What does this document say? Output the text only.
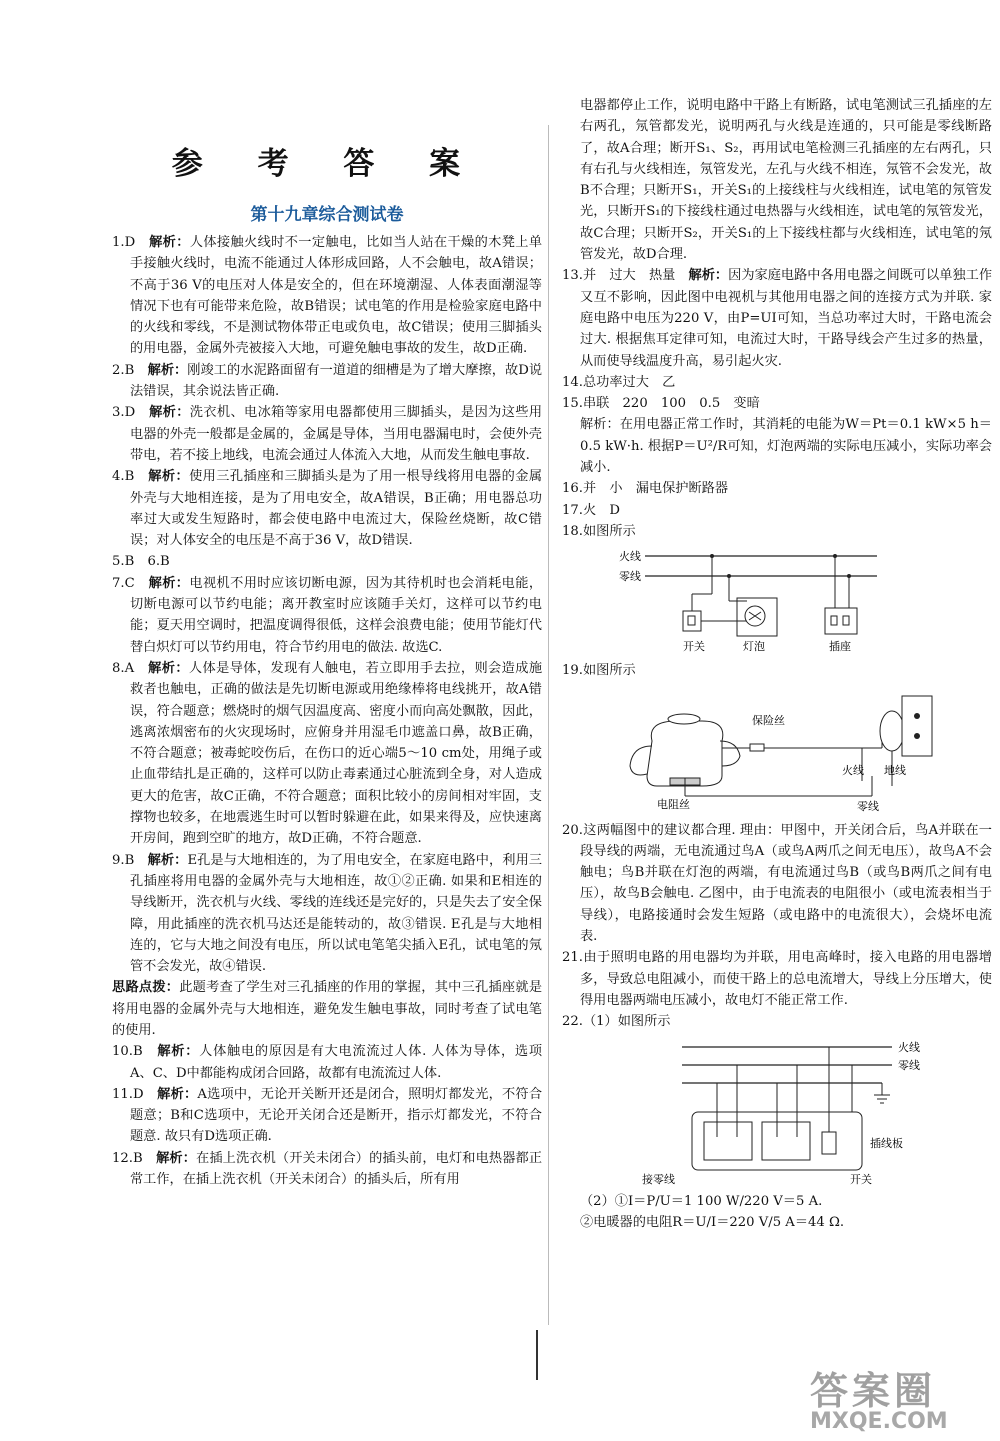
参 考 答 案
第十九章综合测试卷

1.D　 解析：人体接触火线时不一定触电，比如当人站在干燥的木凳上单手接触火线时，电流不能通过人体形成回路，人不会触电，故A错误；不高于36 V的电压对人体是安全的，但在环境潮湿、人体表面潮湿等情况下也有可能带来危险，故B错误；试电笔的作用是检验家庭电路中的火线和零线，不是测试物体带正电或负电，故C错误；使用三脚插头的用电器，金属外壳被接入大地，可避免触电事故的发生，故D正确.

2.B　 解析：刚竣工的水泥路面留有一道道的细槽是为了增大摩擦，故D说法错误，其余说法皆正确.

3.D　 解析：洗衣机、电冰箱等家用电器都使用三脚插头，是因为这些用电器的外壳一般都是金属的，金属是导体，当用电器漏电时，会使外壳带电，若不接上地线，电流会通过人体流入大地，从而发生触电事故.

4.B　 解析：使用三孔插座和三脚插头是为了用一根导线将用电器的金属外壳与大地相连接，是为了用电安全，故A错误，B正确；用电器总功率过大或发生短路时，都会使电路中电流过大，保险丝烧断，故C错误；对人体安全的电压是不高于36 V，故D错误.

5.B　6.B

7.C　 解析：电视机不用时应该切断电源，因为其待机时也会消耗电能，切断电源可以节约电能；离开教室时应该随手关灯，这样可以节约电能；夏天用空调时，把温度调得很低，这样会浪费电能；使用节能灯代替白炽灯可以节约用电，符合节约用电的做法. 故选C.

8.A　 解析：人体是导体，发现有人触电，若立即用手去拉，则会造成施救者也触电，正确的做法是先切断电源或用绝缘棒将电线挑开，故A错误，符合题意；燃烧时的烟气因温度高、密度小而向高处飘散，因此，逃离浓烟密布的火灾现场时，应俯身并用湿毛巾遮盖口鼻，故B正确，不符合题意；被毒蛇咬伤后，在伤口的近心端5～10 cm处，用绳子或止血带结扎是正确的，这样可以防止毒素通过心脏流到全身，对人造成更大的危害，故C正确，不符合题意；面积比较小的房间相对牢固，支撑物也较多，在地震逃生时可以暂时躲避在此，如果来得及，应快速离开房间，跑到空旷的地方，故D正确，不符合题意.

9.B　 解析：E孔是与大地相连的，为了用电安全，在家庭电路中，利用三孔插座将用电器的金属外壳与大地相连，故①②正确. 如果和E相连的导线断开，洗衣机与火线、零线的连线还是完好的，只是失去了安全保障，用此插座的洗衣机马达还是能转动的，故③错误. E孔是与大地相连的，它与大地之间没有电压，所以试电笔笔尖插入E孔，试电笔的氖管不会发光，故④错误.

思路点拨：此题考查了学生对三孔插座的作用的掌握，其中三孔插座就是将用电器的金属外壳与大地相连，避免发生触电事故，同时考查了试电笔的使用.

10.B　 解析：人体触电的原因是有大电流流过人体. 人体为导体，选项A、C、D中都能构成闭合回路，故都有电流流过人体.

11.D　 解析：A选项中，无论开关断开还是闭合，照明灯都发光，不符合题意；B和C选项中，无论开关闭合还是断开，指示灯都发光，不符合题意. 故只有D选项正确.

12.B　 解析：在插上洗衣机（开关未闭合）的插头前，电灯和电热器都正常工作，在插上洗衣机（开关未闭合）的插头后，所有用

电器都停止工作，说明电路中干路上有断路，试电笔测试三孔插座的左右两孔，氖管都发光，说明两孔与火线是连通的，只可能是零线断路了，故A合理；断开S₁、S₂，再用试电笔检测三孔插座的左右两孔，只有右孔与火线相连，氖管发光，左孔与火线不相连，氖管不会发光，故B不合理；只断开S₁，开关S₁的上接线柱与火线相连，试电笔的氖管发光，只断开S₁的下接线柱通过电热器与火线相连，试电笔的氖管发光，故C合理；只断开S₂，开关S₁的上下接线柱都与火线相连，试电笔的氖管发光，故D合理.

13.并　过大　热量　 解析：因为家庭电路中各用电器之间既可以单独工作又互不影响，因此图中电视机与其他用电器之间的连接方式为并联. 家庭电路中电压为220 V，由P=UI可知，当总功率过大时，干路电流会过大. 根据焦耳定律可知，电流过大时，干路导线会产生过多的热量，从而使导线温度升高，易引起火灾.

14.总功率过大　乙

15.串联　220　100　0.5　变暗

解析：在用电器正常工作时，其消耗的电能为W＝Pt＝0.1 kW×5 h＝0.5 kW·h. 根据P＝U²/R可知，灯泡两端的实际电压减小，实际功率会减小.

16.并　小　漏电保护断路器

17.火　D

18.如图所示

火线
零线
开关	灯泡	插座

19.如图所示

电阻丝
保险丝
火线 地线
零线

20.这两幅图中的建议都合理. 理由：甲图中，开关闭合后，鸟A并联在一段导线的两端，无电流通过鸟A（或鸟A两爪之间无电压），故鸟A不会触电；鸟B并联在灯泡的两端，有电流通过鸟B（或鸟B两爪之间有电压），故鸟B会触电. 乙图中，由于电流表的电阻很小（或电流表相当于导线），电路接通时会发生短路（或电路中的电流很大），会烧坏电流表.

21.由于照明电路的用电器均为并联，用电高峰时，接入电路的用电器增多，导致总电阻减小，而使干路上的总电流增大，导线上分压增大，使得用电器两端电压减小，故电灯不能正常工作.

22.（1）如图所示

火线
零线
插线板
开关
接零线

（2）①I＝P/U＝1 100 W/220 V＝5 A.

②电暖器的电阻R＝U/I＝220 V/5 A＝44 Ω.

答案圈
MXQE.COM
